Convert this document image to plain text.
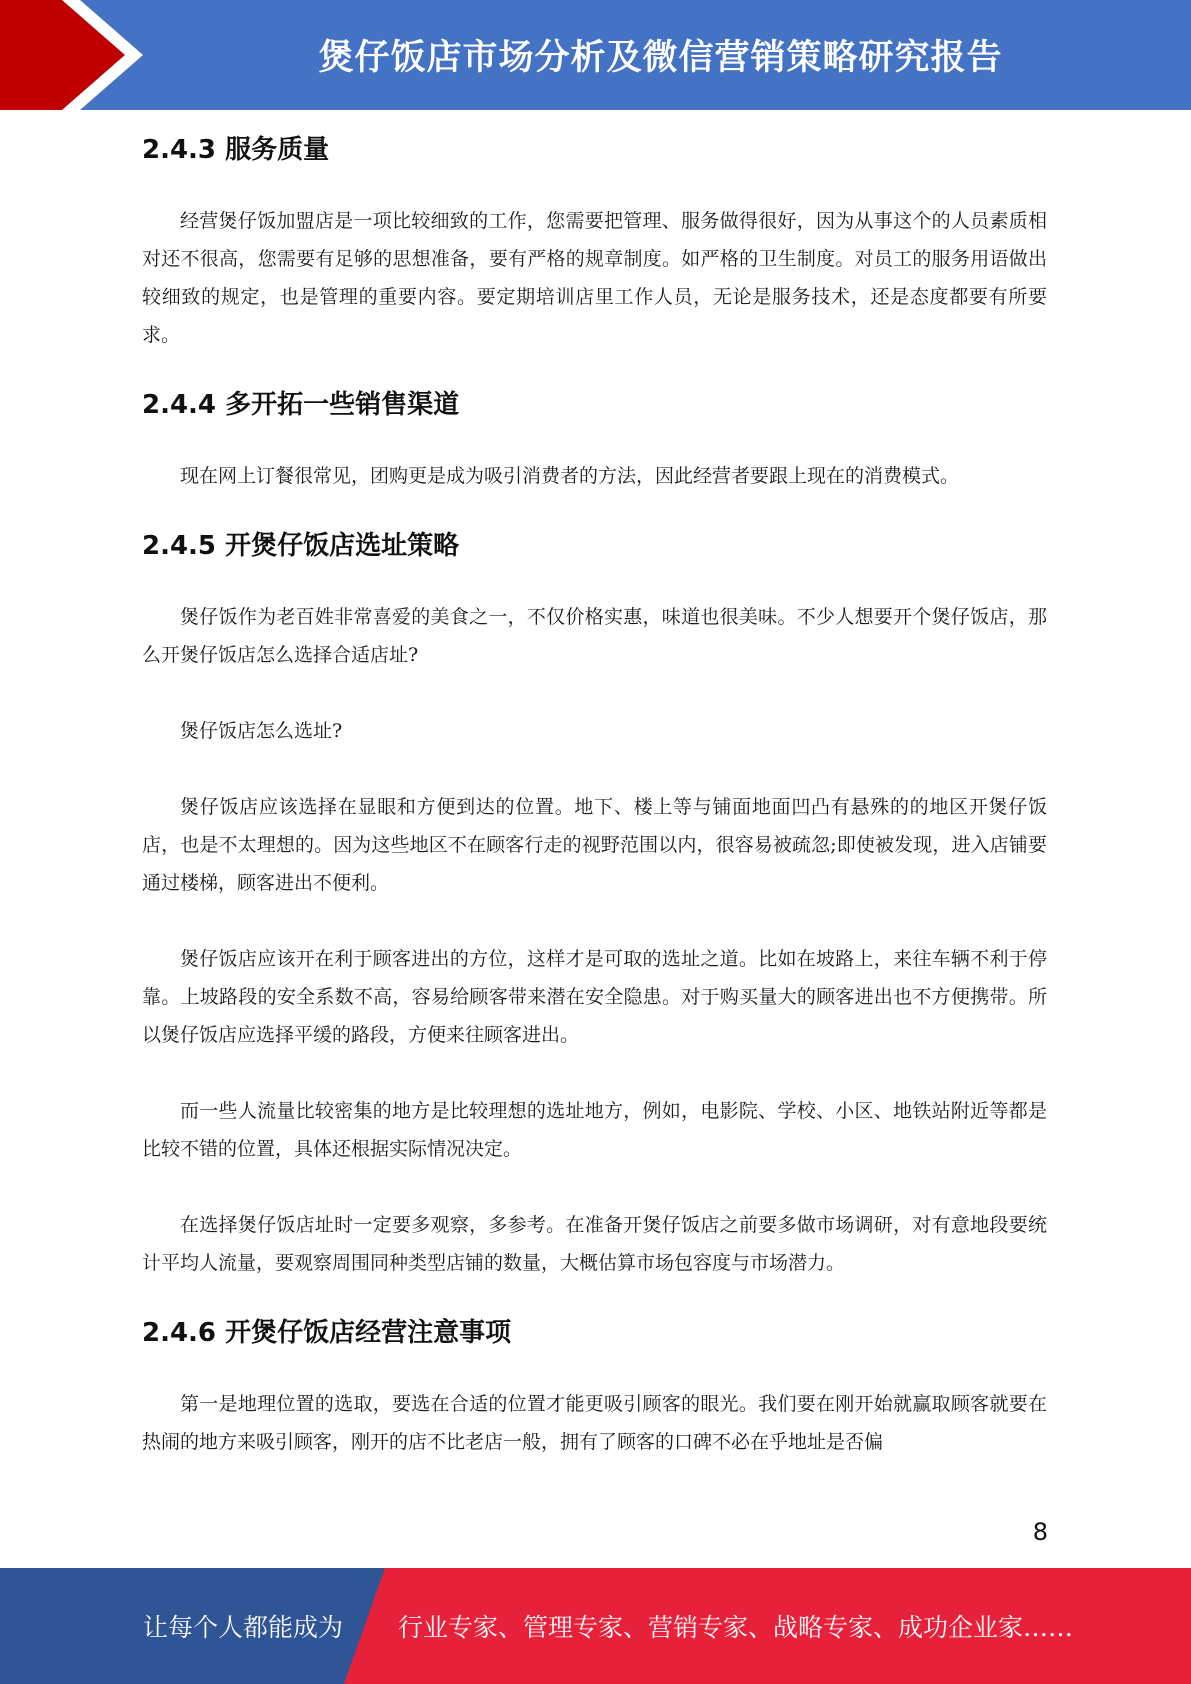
煲仔饭店市场分析及微信营销策略研究报告
2.4.3 服务质量

经营煲仔饭加盟店是一项比较细致的工作，您需要把管理、服务做得很好，因为从事这个的人员素质相对还不很高，您需要有足够的思想准备，要有严格的规章制度。如严格的卫生制度。对员工的服务用语做出较细致的规定，也是管理的重要内容。要定期培训店里工作人员，无论是服务技术，还是态度都要有所要求。

2.4.4 多开拓一些销售渠道

现在网上订餐很常见，团购更是成为吸引消费者的方法，因此经营者要跟上现在的消费模式。

2.4.5 开煲仔饭店选址策略

煲仔饭作为老百姓非常喜爱的美食之一，不仅价格实惠，味道也很美味。不少人想要开个煲仔饭店，那么开煲仔饭店怎么选择合适店址?

煲仔饭店怎么选址?

煲仔饭店应该选择在显眼和方便到达的位置。地下、楼上等与铺面地面凹凸有悬殊的的地区开煲仔饭店，也是不太理想的。因为这些地区不在顾客行走的视野范围以内，很容易被疏忽;即使被发现，进入店铺要通过楼梯，顾客进出不便利。

煲仔饭店应该开在利于顾客进出的方位，这样才是可取的选址之道。比如在坡路上，来往车辆不利于停靠。上坡路段的安全系数不高，容易给顾客带来潜在安全隐患。对于购买量大的顾客进出也不方便携带。所以煲仔饭店应选择平缓的路段，方便来往顾客进出。

而一些人流量比较密集的地方是比较理想的选址地方，例如，电影院、学校、小区、地铁站附近等都是比较不错的位置，具体还根据实际情况决定。

在选择煲仔饭店址时一定要多观察，多参考。在准备开煲仔饭店之前要多做市场调研，对有意地段要统计平均人流量，要观察周围同种类型店铺的数量，大概估算市场包容度与市场潜力。

2.4.6 开煲仔饭店经营注意事项

第一是地理位置的选取，要选在合适的位置才能更吸引顾客的眼光。我们要在刚开始就赢取顾客就要在热闹的地方来吸引顾客，刚开的店不比老店一般，拥有了顾客的口碑不必在乎地址是否偏

8
让每个人都能成为 行业专家、管理专家、营销专家、战略专家、成功企业家……
